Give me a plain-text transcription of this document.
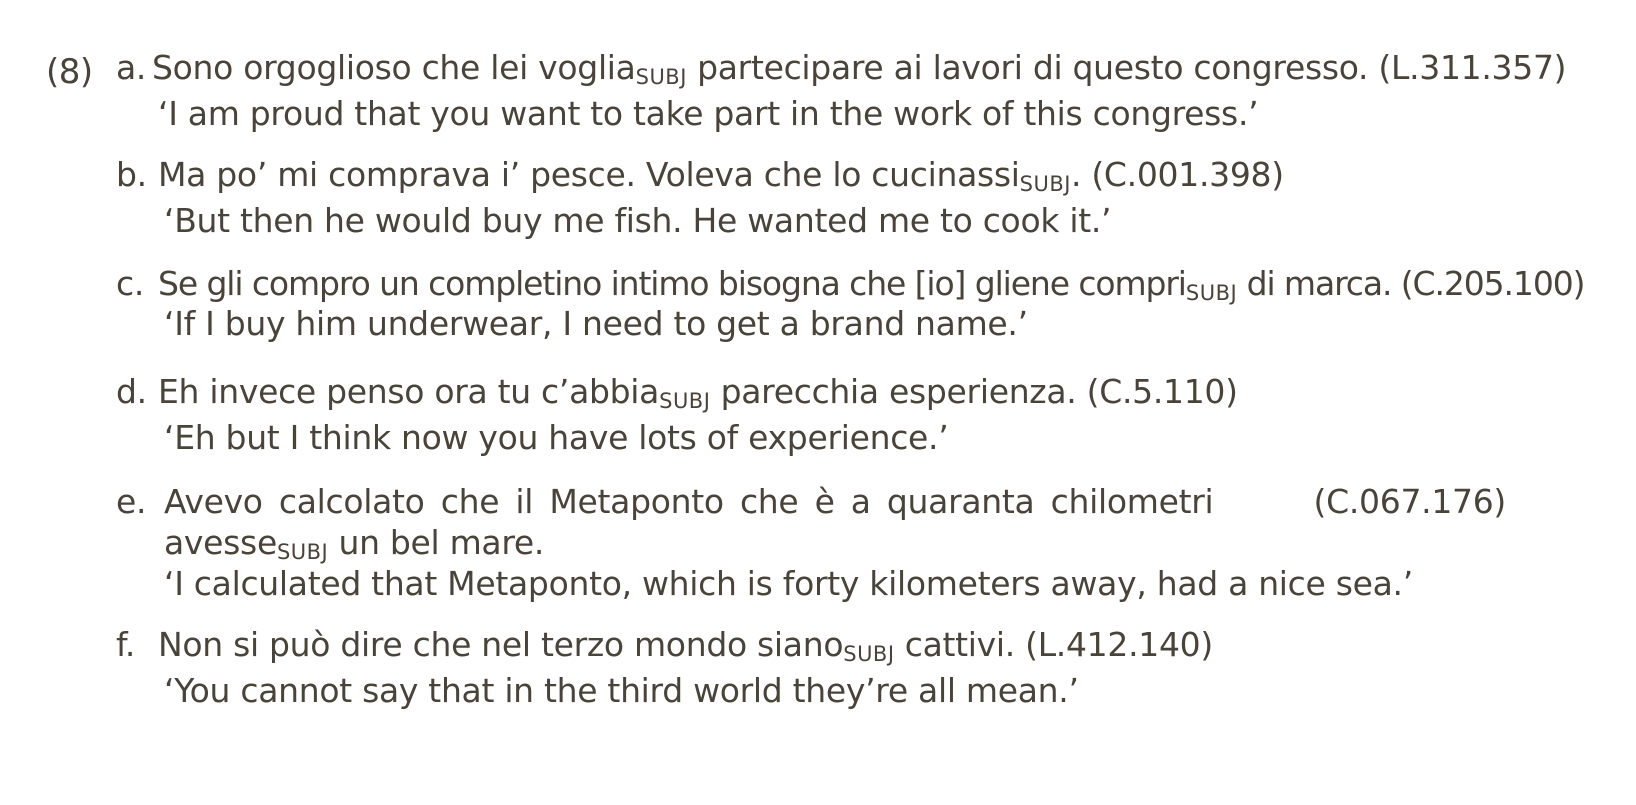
(8) a. Sono orgoglioso che lei vogliaSUBJ partecipare ai lavori di questo congresso. (L.311.357)
‘I am proud that you want to take part in the work of this congress.’
b. Ma po’ mi comprava i’ pesce. Voleva che lo cucinassiSUBJ. (C.001.398)
‘But then he would buy me fish. He wanted me to cook it.’
c. Se gli compro un completino intimo bisogna che [io] gliene compriSUBJ di marca. (C.205.100)
‘If I buy him underwear, I need to get a brand name.’
d. Eh invece penso ora tu c’abbiaSUBJ parecchia esperienza. (C.5.110)
‘Eh but I think now you have lots of experience.’
e. Avevo calcolato che il Metaponto che è a quaranta chilometri
avesseSUBJ un bel mare.
(C.067.176)
‘I calculated that Metaponto, which is forty kilometers away, had a nice sea.’
f. Non si può dire che nel terzo mondo sianoSUBJ cattivi. (L.412.140)
‘You cannot say that in the third world they’re all mean.’
